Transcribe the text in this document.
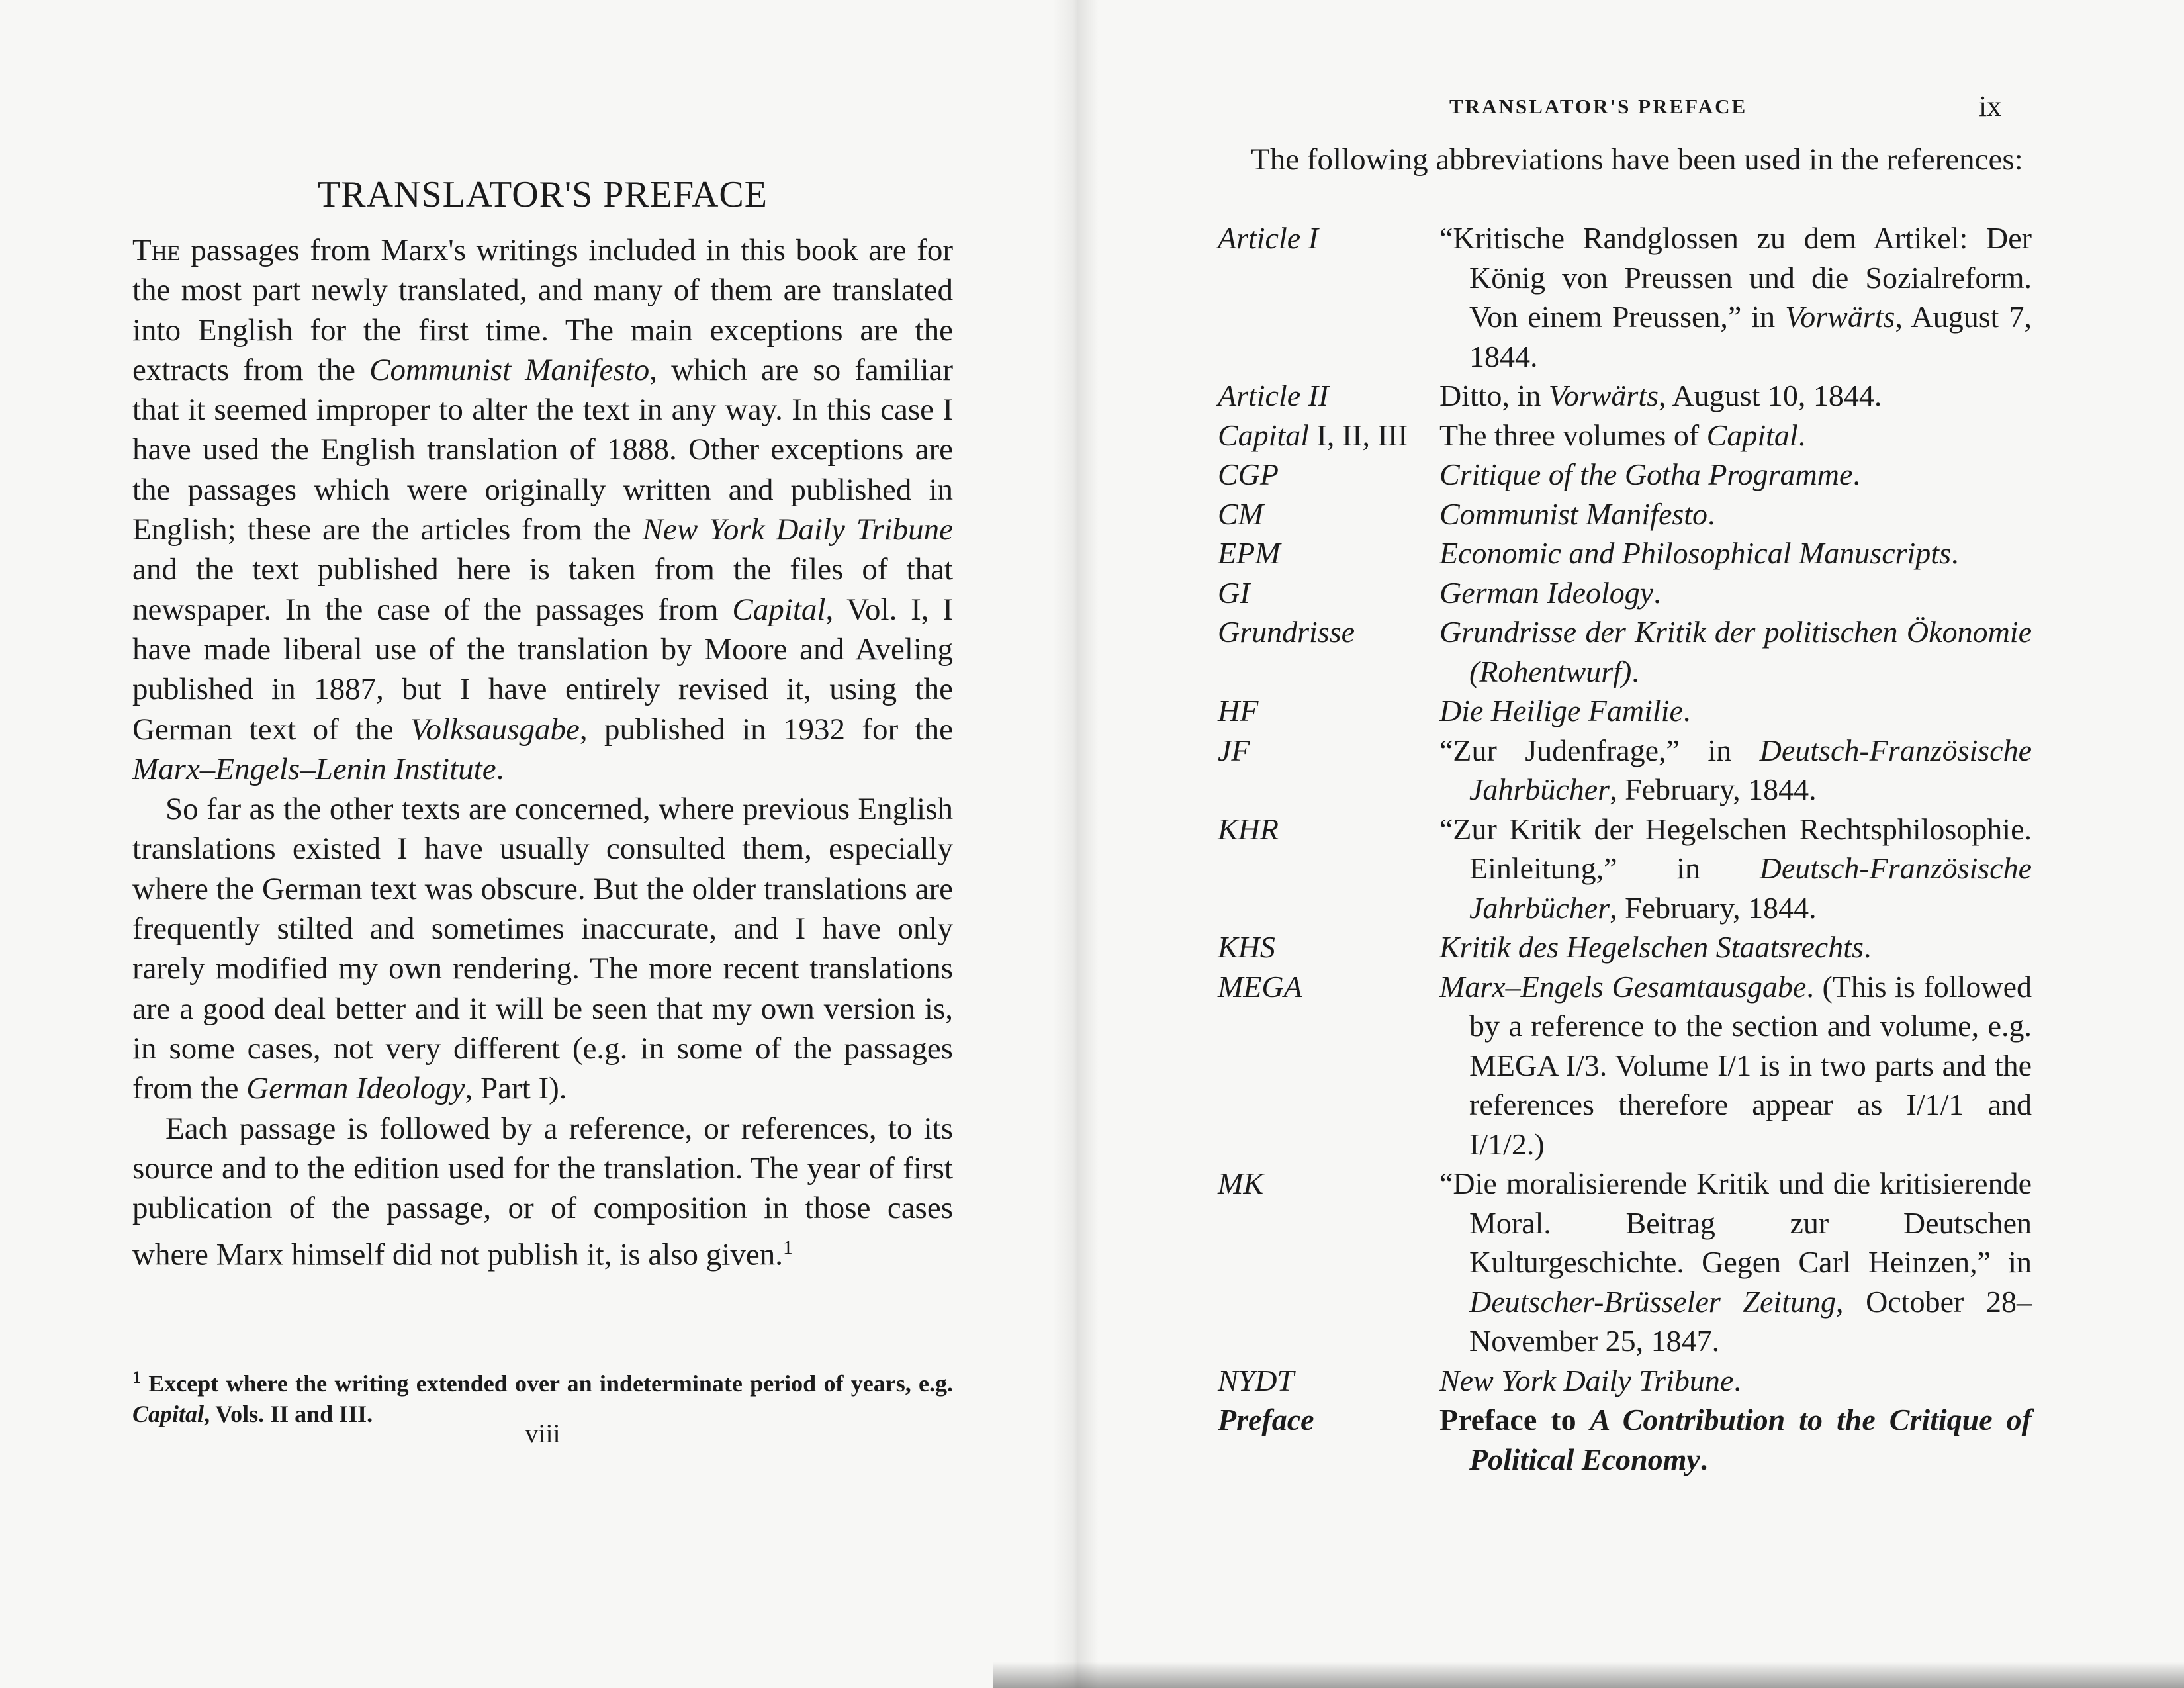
TRANSLATOR'S PREFACE

The passages from Marx's writings included in this book are for the most part newly translated, and many of them are translated into English for the first time. The main exceptions are the extracts from the Communist Manifesto, which are so familiar that it seemed improper to alter the text in any way. In this case I have used the English translation of 1888. Other exceptions are the passages which were originally written and published in English; these are the articles from the New York Daily Tribune and the text published here is taken from the files of that newspaper. In the case of the passages from Capital, Vol. I, I have made liberal use of the translation by Moore and Aveling published in 1887, but I have entirely revised it, using the German text of the Volksausgabe, published in 1932 for the Marx–Engels–Lenin Institute.

So far as the other texts are concerned, where previous English translations existed I have usually consulted them, especially where the German text was obscure. But the older translations are frequently stilted and sometimes inaccurate, and I have only rarely modified my own rendering. The more recent translations are a good deal better and it will be seen that my own version is, in some cases, not very different (e.g. in some of the passages from the German Ideology, Part I).

Each passage is followed by a reference, or references, to its source and to the edition used for the translation. The year of first publication of the passage, or of composition in those cases where Marx himself did not publish it, is also given.$^1$

$^1$ Except where the writing extended over an indeterminate period of years, e.g. Capital, Vols. II and III.
viii
TRANSLATOR'S PREFACE	ix
The following abbreviations have been used in the references:
Article I	“Kritische Randglossen zu dem Artikel: Der König von Preussen und die Sozialreform. Von einem Preussen,” in Vorwärts, August 7, 1844.
Article II	Ditto, in Vorwärts, August 10, 1844.
Capital I, II, III	The three volumes of Capital.
CGP	Critique of the Gotha Programme.
CM	Communist Manifesto.
EPM	Economic and Philosophical Manuscripts.
GI	German Ideology.
Grundrisse	Grundrisse der Kritik der politischen Ökonomie (Rohentwurf).
HF	Die Heilige Familie.
JF	“Zur Judenfrage,” in Deutsch-Französische Jahrbücher, February, 1844.
KHR	“Zur Kritik der Hegelschen Rechtsphilosophie. Einleitung,” in Deutsch-Französische Jahrbücher, February, 1844.
KHS	Kritik des Hegelschen Staatsrechts.
MEGA	Marx–Engels Gesamtausgabe. (This is followed by a reference to the section and volume, e.g. MEGA I/3. Volume I/1 is in two parts and the references therefore appear as I/1/1 and I/1/2.)
MK	“Die moralisierende Kritik und die kritisierende Moral. Beitrag zur Deutschen Kulturgeschichte. Gegen Carl Heinzen,” in Deutscher-Brüsseler Zeitung, October 28–November 25, 1847.
NYDT	New York Daily Tribune.
Preface	Preface to A Contribution to the Critique of Political Economy.
